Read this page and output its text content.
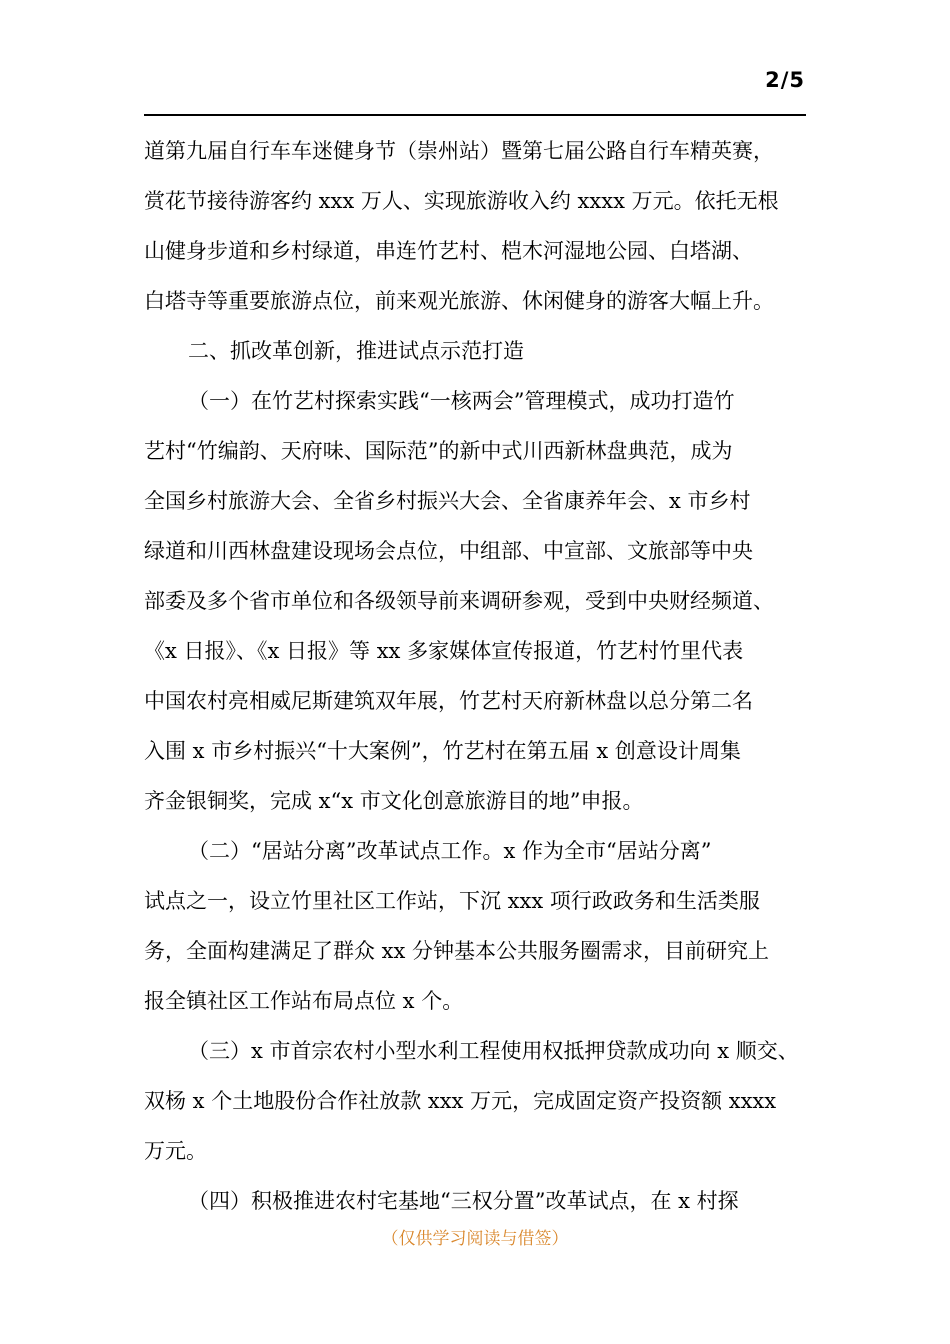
2/5
道第九届自行车车迷健身节（崇州站）暨第七届公路自行车精英赛，
赏花节接待游客约 xxx 万人、实现旅游收入约 xxxx 万元。依托无根
山健身步道和乡村绿道，串连竹艺村、桤木河湿地公园、白塔湖、
白塔寺等重要旅游点位，前来观光旅游、休闲健身的游客大幅上升。
二、抓改革创新，推进试点示范打造
（一）在竹艺村探索实践“一核两会”管理模式，成功打造竹
艺村“竹编韵、天府味、国际范”的新中式川西新林盘典范，成为
全国乡村旅游大会、全省乡村振兴大会、全省康养年会、x 市乡村
绿道和川西林盘建设现场会点位，中组部、中宣部、文旅部等中央
部委及多个省市单位和各级领导前来调研参观，受到中央财经频道、
《x 日报》、《x 日报》等 xx 多家媒体宣传报道，竹艺村竹里代表
中国农村亮相威尼斯建筑双年展，竹艺村天府新林盘以总分第二名
入围 x 市乡村振兴“十大案例”，竹艺村在第五届 x 创意设计周集
齐金银铜奖，完成 x“x 市文化创意旅游目的地”申报。
（二）“居站分离”改革试点工作。x 作为全市“居站分离”
试点之一，设立竹里社区工作站，下沉 xxx 项行政政务和生活类服
务，全面构建满足了群众 xx 分钟基本公共服务圈需求，目前研究上
报全镇社区工作站布局点位 x 个。
（三）x 市首宗农村小型水利工程使用权抵押贷款成功向 x 顺交、
双杨 x 个土地股份合作社放款 xxx 万元，完成固定资产投资额 xxxx
万元。
（四）积极推进农村宅基地“三权分置”改革试点，在 x 村探
（仅供学习阅读与借签）
